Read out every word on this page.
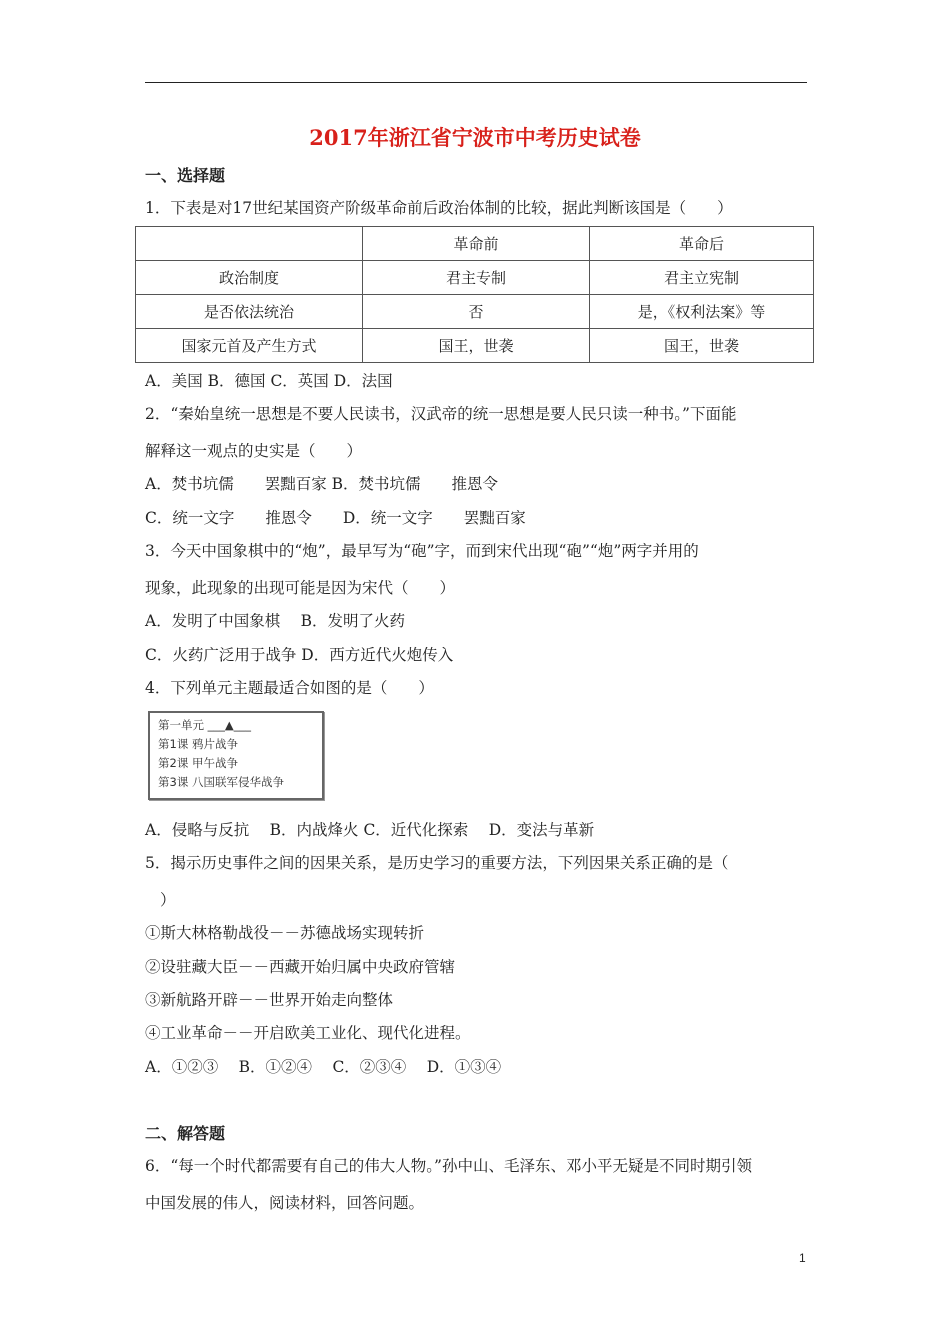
2017年浙江省宁波市中考历史试卷
一、选择题
1．下表是对17世纪某国资产阶级革命前后政治体制的比较，据此判断该国是（　　）
	革命前	革命后
政治制度	君主专制	君主立宪制
是否依法统治	否	是，《权利法案》等
国家元首及产生方式	国王，世袭	国王，世袭
A．美国 B．德国 C．英国 D．法国
2．“秦始皇统一思想是不要人民读书，汉武帝的统一思想是要人民只读一种书。”下面能
解释这一观点的史实是（　　）
A．焚书坑儒　　罢黜百家 B．焚书坑儒　　推恩令
C．统一文字　　推恩令　　D．统一文字　　罢黜百家
3．今天中国象棋中的“炮”，最早写为“砲”字，而到宋代出现“砲”“炮”两字并用的
现象，此现象的出现可能是因为宋代（　　）
A．发明了中国象棋　 B．发明了火药
C．火药广泛用于战争 D．西方近代火炮传入
4．下列单元主题最适合如图的是（　　）
第一单元 ___▲___
第1课 鸦片战争
第2课 甲午战争
第3课 八国联军侵华战争
A．侵略与反抗　 B．内战烽火 C．近代化探索　 D．变法与革新
5．揭示历史事件之间的因果关系，是历史学习的重要方法，下列因果关系正确的是（
）
①斯大林格勒战役－－苏德战场实现转折
②设驻藏大臣－－西藏开始归属中央政府管辖
③新航路开辟－－世界开始走向整体
④工业革命－－开启欧美工业化、现代化进程。
A．①②③　 B．①②④　 C．②③④　 D．①③④
二、解答题
6．“每一个时代都需要有自己的伟大人物。”孙中山、毛泽东、邓小平无疑是不同时期引领
中国发展的伟人，阅读材料，回答问题。
1
